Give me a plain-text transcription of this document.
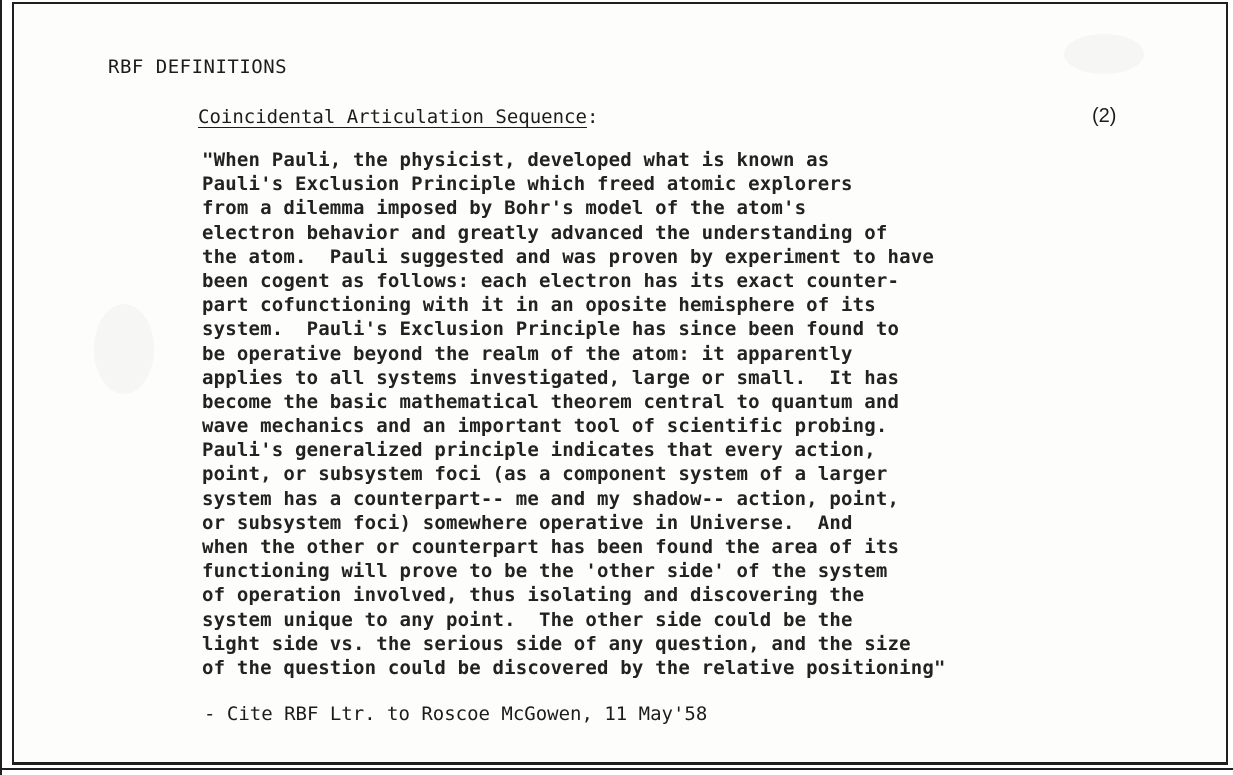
RBF DEFINITIONS
Coincidental Articulation Sequence:	(2)
"When Pauli, the physicist, developed what is known as
Pauli's Exclusion Principle which freed atomic explorers
from a dilemma imposed by Bohr's model of the atom's
electron behavior and greatly advanced the understanding of
the atom.  Pauli suggested and was proven by experiment to have
been cogent as follows: each electron has its exact counter-
part cofunctioning with it in an oposite hemisphere of its
system.  Pauli's Exclusion Principle has since been found to
be operative beyond the realm of the atom: it apparently
applies to all systems investigated, large or small.  It has
become the basic mathematical theorem central to quantum and
wave mechanics and an important tool of scientific probing.
Pauli's generalized principle indicates that every action,
point, or subsystem foci (as a component system of a larger
system has a counterpart-- me and my shadow-- action, point,
or subsystem foci) somewhere operative in Universe.  And
when the other or counterpart has been found the area of its
functioning will prove to be the 'other side' of the system
of operation involved, thus isolating and discovering the
system unique to any point.  The other side could be the
light side vs. the serious side of any question, and the size
of the question could be discovered by the relative positioning"
- Cite RBF Ltr. to Roscoe McGowen, 11 May'58
